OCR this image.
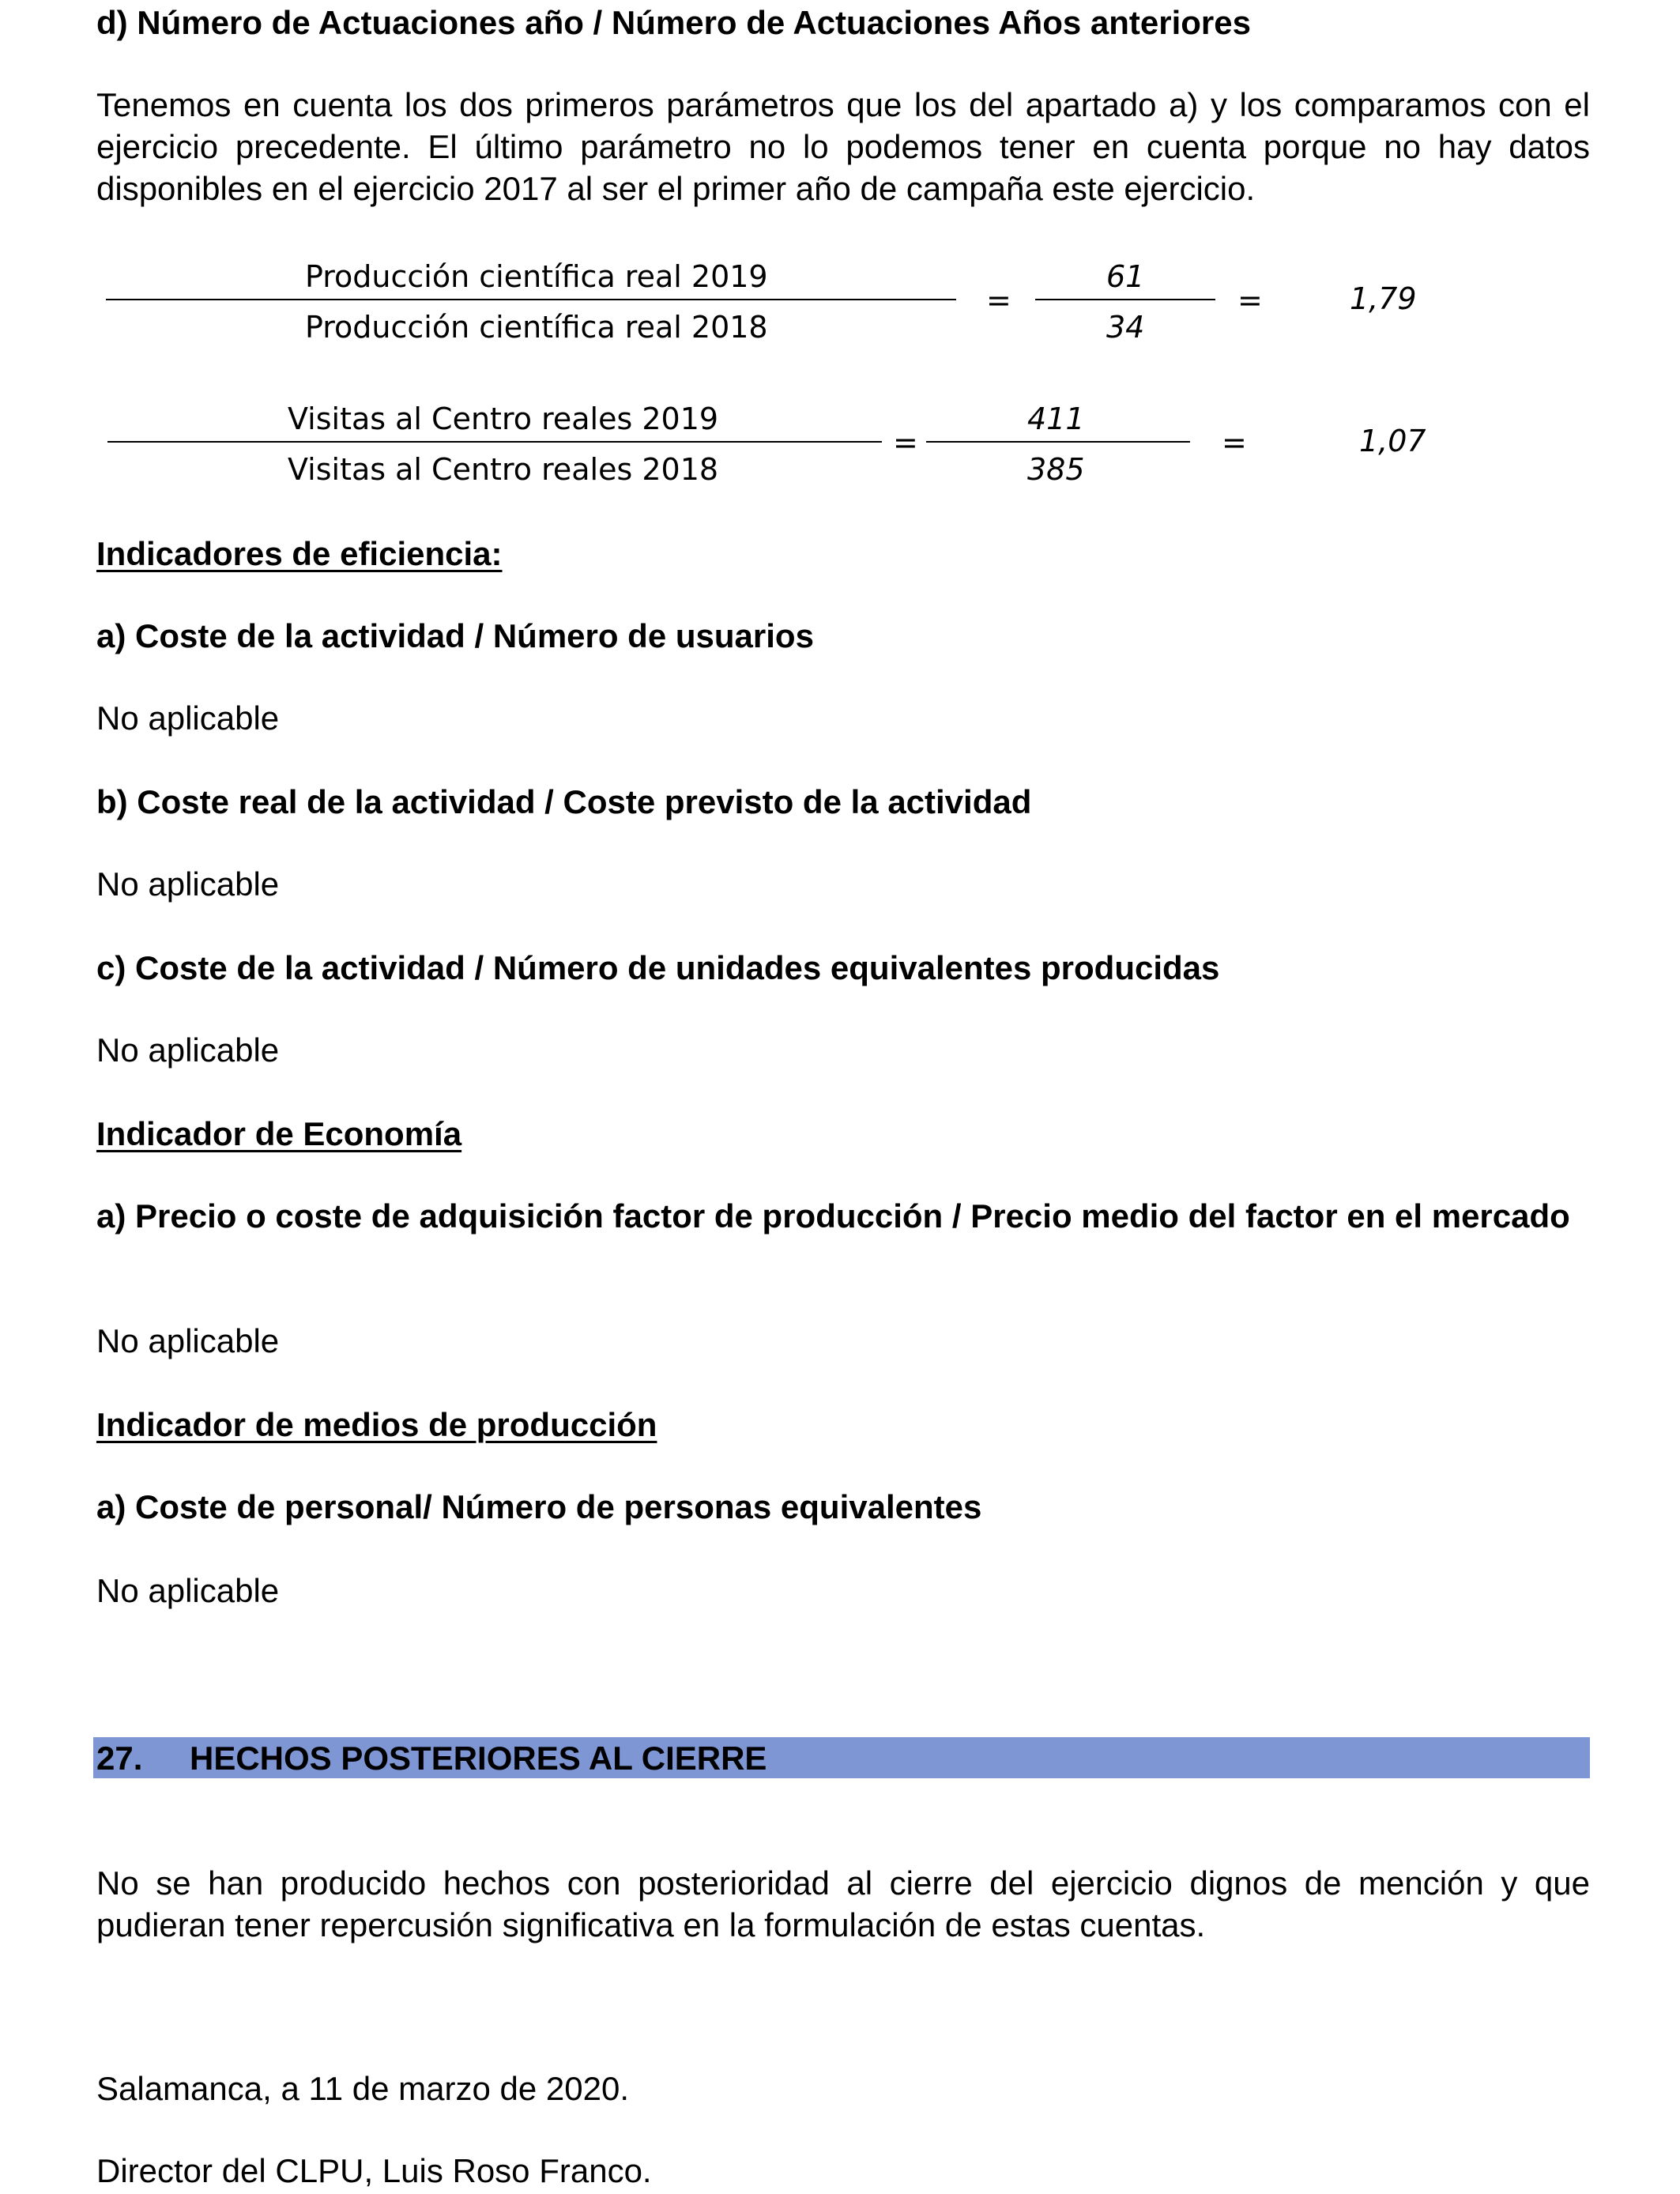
d) Número de Actuaciones año / Número de Actuaciones Años anteriores
Tenemos en cuenta los dos primeros parámetros que los del apartado a) y los comparamos con el ejercicio precedente. El último parámetro no lo podemos tener en cuenta porque no hay datos disponibles en el ejercicio 2017 al ser el primer año de campaña este ejercicio.
Producción científica real 2019
Producción científica real 2018
=
61
34
=	1,79
Visitas al Centro reales 2019
Visitas al Centro reales 2018
=
411
385
=	1,07
Indicadores de eficiencia:
a) Coste de la actividad / Número de usuarios
No aplicable
b) Coste real de la actividad / Coste previsto de la actividad
No aplicable
c) Coste de la actividad / Número de unidades equivalentes producidas
No aplicable
Indicador de Economía
a) Precio o coste de adquisición factor de producción / Precio medio del factor en el mercado
No aplicable
Indicador de medios de producción
a) Coste de personal/ Número de personas equivalentes
No aplicable
27. HECHOS POSTERIORES AL CIERRE
No se han producido hechos con posterioridad al cierre del ejercicio dignos de mención y que pudieran tener repercusión significativa en la formulación de estas cuentas.
Salamanca, a 11 de marzo de 2020.
Director del CLPU, Luis Roso Franco.
